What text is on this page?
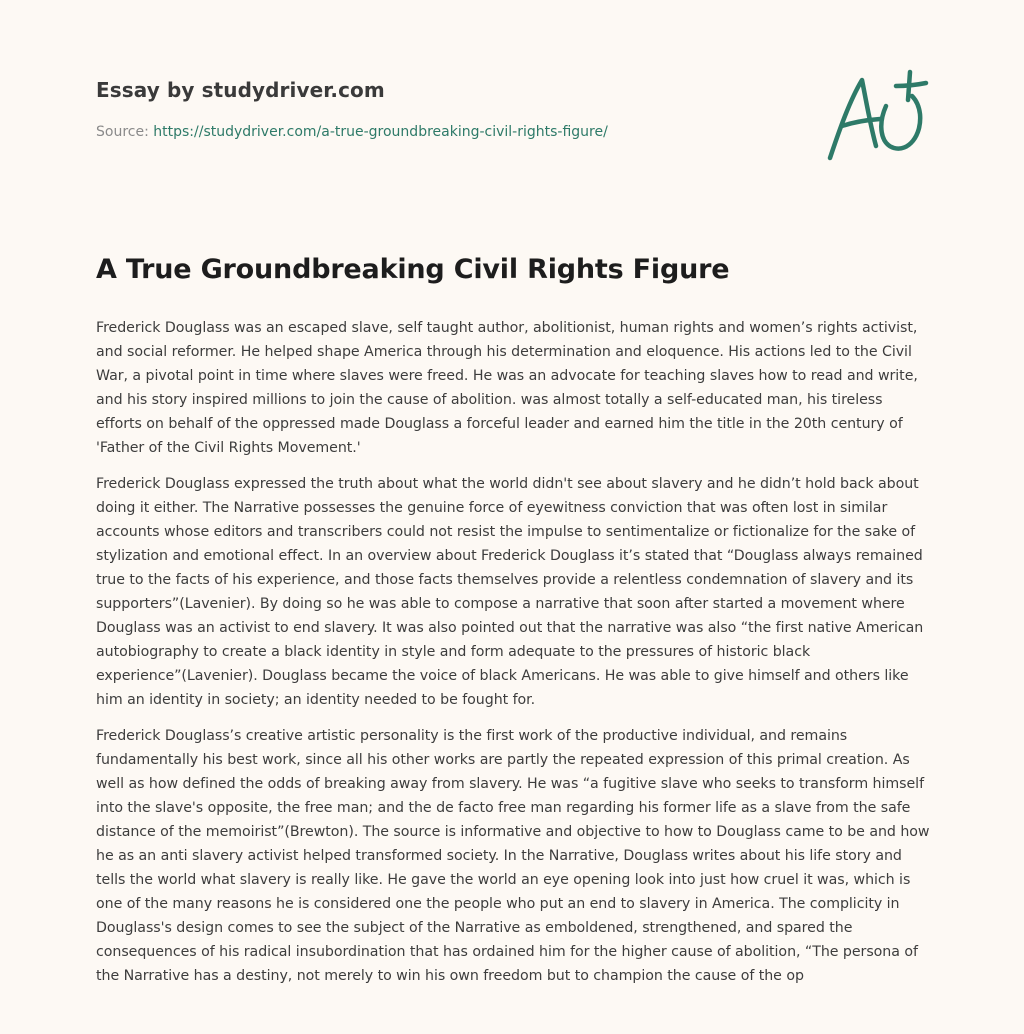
Essay by studydriver.com
Source: https://studydriver.com/a-true-groundbreaking-civil-rights-figure/
A True Groundbreaking Civil Rights Figure

Frederick Douglass was an escaped slave, self taught author, abolitionist, human rights and women’s rights activist, and social reformer. He helped shape America through his determination and eloquence. His actions led to the Civil War, a pivotal point in time where slaves were freed. He was an advocate for teaching slaves how to read and write, and his story inspired millions to join the cause of abolition. was almost totally a self-educated man, his tireless efforts on behalf of the oppressed made Douglass a forceful leader and earned him the title in the 20th century of 'Father of the Civil Rights Movement.'

Frederick Douglass expressed the truth about what the world didn't see about slavery and he didn’t hold back about doing it either. The Narrative possesses the genuine force of eyewitness conviction that was often lost in similar accounts whose editors and transcribers could not resist the impulse to sentimentalize or fictionalize for the sake of stylization and emotional effect. In an overview about Frederick Douglass it’s stated that “Douglass always remained true to the facts of his experience, and those facts themselves provide a relentless condemnation of slavery and its supporters”(Lavenier). By doing so he was able to compose a narrative that soon after started a movement where Douglass was an activist to end slavery. It was also pointed out that the narrative was also “the first native American autobiography to create a black identity in style and form adequate to the pressures of historic black experience”(Lavenier). Douglass became the voice of black Americans. He was able to give himself and others like him an identity in society; an identity needed to be fought for.

Frederick Douglass’s creative artistic personality is the first work of the productive individual, and remains fundamentally his best work, since all his other works are partly the repeated expression of this primal creation. As well as how defined the odds of breaking away from slavery. He was “a fugitive slave who seeks to transform himself into the slave's opposite, the free man; and the de facto free man regarding his former life as a slave from the safe distance of the memoirist”(Brewton). The source is informative and objective to how to Douglass came to be and how he as an anti slavery activist helped transformed society. In the Narrative, Douglass writes about his life story and tells the world what slavery is really like. He gave the world an eye opening look into just how cruel it was, which is one of the many reasons he is considered one the people who put an end to slavery in America. The complicity in Douglass's design comes to see the subject of the Narrative as emboldened, strengthened, and spared the consequences of his radical insubordination that has ordained him for the higher cause of abolition, “The persona of the Narrative has a destiny, not merely to win his own freedom but to champion the cause of the op
